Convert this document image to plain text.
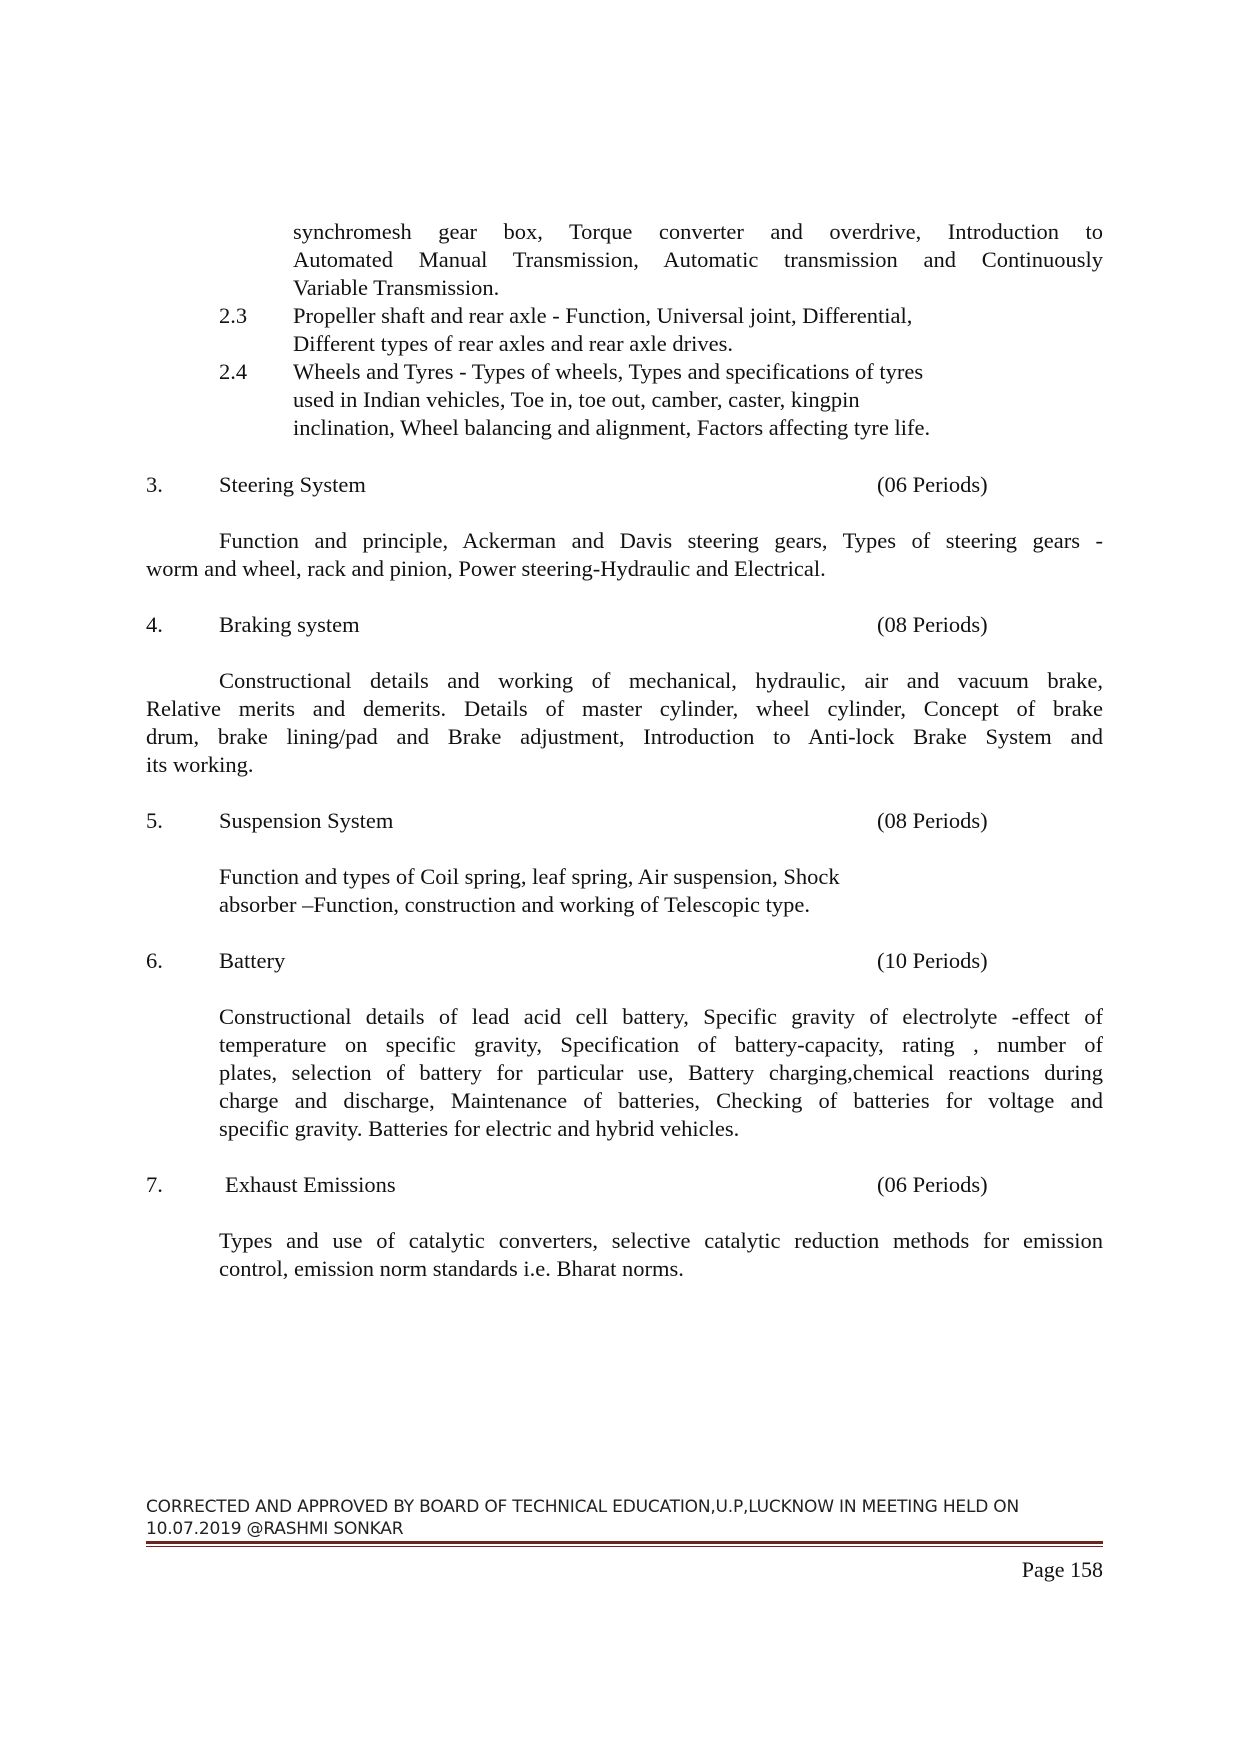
synchromesh gear box, Torque converter and overdrive, Introduction to
Automated Manual Transmission, Automatic transmission and Continuously
Variable Transmission.
2.3 Propeller shaft and rear axle - Function, Universal joint, Differential,
Different types of rear axles and rear axle drives.
2.4 Wheels and Tyres - Types of wheels, Types and specifications of tyres
used in Indian vehicles, Toe in, toe out, camber, caster, kingpin
inclination, Wheel balancing and alignment, Factors affecting tyre life.
3. Steering System	(06 Periods)
Function and principle, Ackerman and Davis steering gears, Types of steering gears -
worm and wheel, rack and pinion, Power steering-Hydraulic and Electrical.
4. Braking system	(08 Periods)
Constructional details and working of mechanical, hydraulic, air and vacuum brake,
Relative merits and demerits. Details of master cylinder, wheel cylinder, Concept of brake
drum, brake lining/pad and Brake adjustment, Introduction to Anti-lock Brake System and
its working.
5. Suspension System	(08 Periods)
Function and types of Coil spring, leaf spring, Air suspension, Shock
absorber –Function, construction and working of Telescopic type.
6. Battery	(10 Periods)
Constructional details of lead acid cell battery, Specific gravity of electrolyte -effect of
temperature on specific gravity, Specification of battery-capacity, rating , number of
plates, selection of battery for particular use, Battery charging,chemical reactions during
charge and discharge, Maintenance of batteries, Checking of batteries for voltage and
specific gravity. Batteries for electric and hybrid vehicles.
7.	Exhaust Emissions	(06 Periods)
Types and use of catalytic converters, selective catalytic reduction methods for emission
control, emission norm standards i.e. Bharat norms.
CORRECTED AND APPROVED BY BOARD OF TECHNICAL EDUCATION,U.P,LUCKNOW IN MEETING HELD ON
10.07.2019 @RASHMI SONKAR
Page 158
